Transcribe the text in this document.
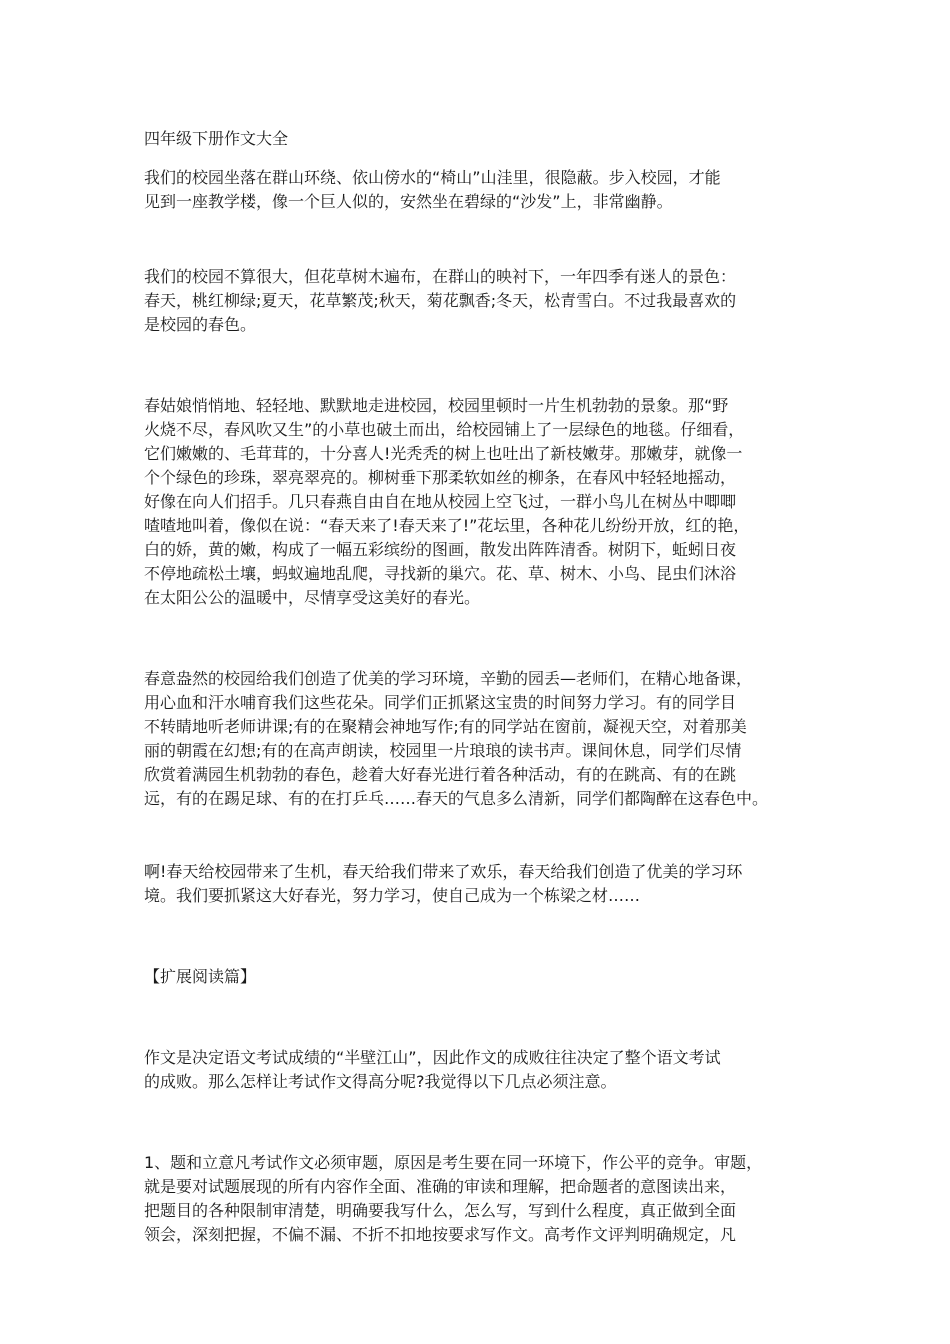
四年级下册作文大全
我们的校园坐落在群山环绕、依山傍水的“椅山”山洼里，很隐蔽。步入校园，才能
见到一座教学楼，像一个巨人似的，安然坐在碧绿的“沙发”上，非常幽静。
我们的校园不算很大，但花草树木遍布，在群山的映衬下，一年四季有迷人的景色：
春天，桃红柳绿;夏天，花草繁茂;秋天，菊花飘香;冬天，松青雪白。不过我最喜欢的
是校园的春色。
春姑娘悄悄地、轻轻地、默默地走进校园，校园里顿时一片生机勃勃的景象。那“野
火烧不尽，春风吹又生”的小草也破土而出，给校园铺上了一层绿色的地毯。仔细看，
它们嫩嫩的、毛茸茸的，十分喜人!光秃秃的树上也吐出了新枝嫩芽。那嫩芽，就像一
个个绿色的珍珠，翠亮翠亮的。柳树垂下那柔软如丝的柳条，在春风中轻轻地摇动，
好像在向人们招手。几只春燕自由自在地从校园上空飞过，一群小鸟儿在树丛中唧唧
喳喳地叫着，像似在说：“春天来了!春天来了!”花坛里，各种花儿纷纷开放，红的艳，
白的娇，黄的嫩，构成了一幅五彩缤纷的图画，散发出阵阵清香。树阴下，蚯蚓日夜
不停地疏松土壤，蚂蚁遍地乱爬，寻找新的巢穴。花、草、树木、小鸟、昆虫们沐浴
在太阳公公的温暖中，尽情享受这美好的春光。
春意盎然的校园给我们创造了优美的学习环境，辛勤的园丢—老师们，在精心地备课，
用心血和汗水哺育我们这些花朵。同学们正抓紧这宝贵的时间努力学习。有的同学目
不转睛地听老师讲课;有的在聚精会神地写作;有的同学站在窗前，凝视天空，对着那美
丽的朝霞在幻想;有的在高声朗读，校园里一片琅琅的读书声。课间休息，同学们尽情
欣赏着满园生机勃勃的春色，趁着大好春光进行着各种活动，有的在跳高、有的在跳
远，有的在踢足球、有的在打乒乓……春天的气息多么清新，同学们都陶醉在这春色中。
啊!春天给校园带来了生机，春天给我们带来了欢乐，春天给我们创造了优美的学习环
境。我们要抓紧这大好春光，努力学习，使自己成为一个栋梁之材……
【扩展阅读篇】
作文是决定语文考试成绩的“半壁江山”，因此作文的成败往往决定了整个语文考试
的成败。那么怎样让考试作文得高分呢?我觉得以下几点必须注意。
1、题和立意凡考试作文必须审题，原因是考生要在同一环境下，作公平的竞争。审题，
就是要对试题展现的所有内容作全面、准确的审读和理解，把命题者的意图读出来，
把题目的各种限制审清楚，明确要我写什么，怎么写，写到什么程度，真正做到全面
领会，深刻把握，不偏不漏、不折不扣地按要求写作文。高考作文评判明确规定，凡
